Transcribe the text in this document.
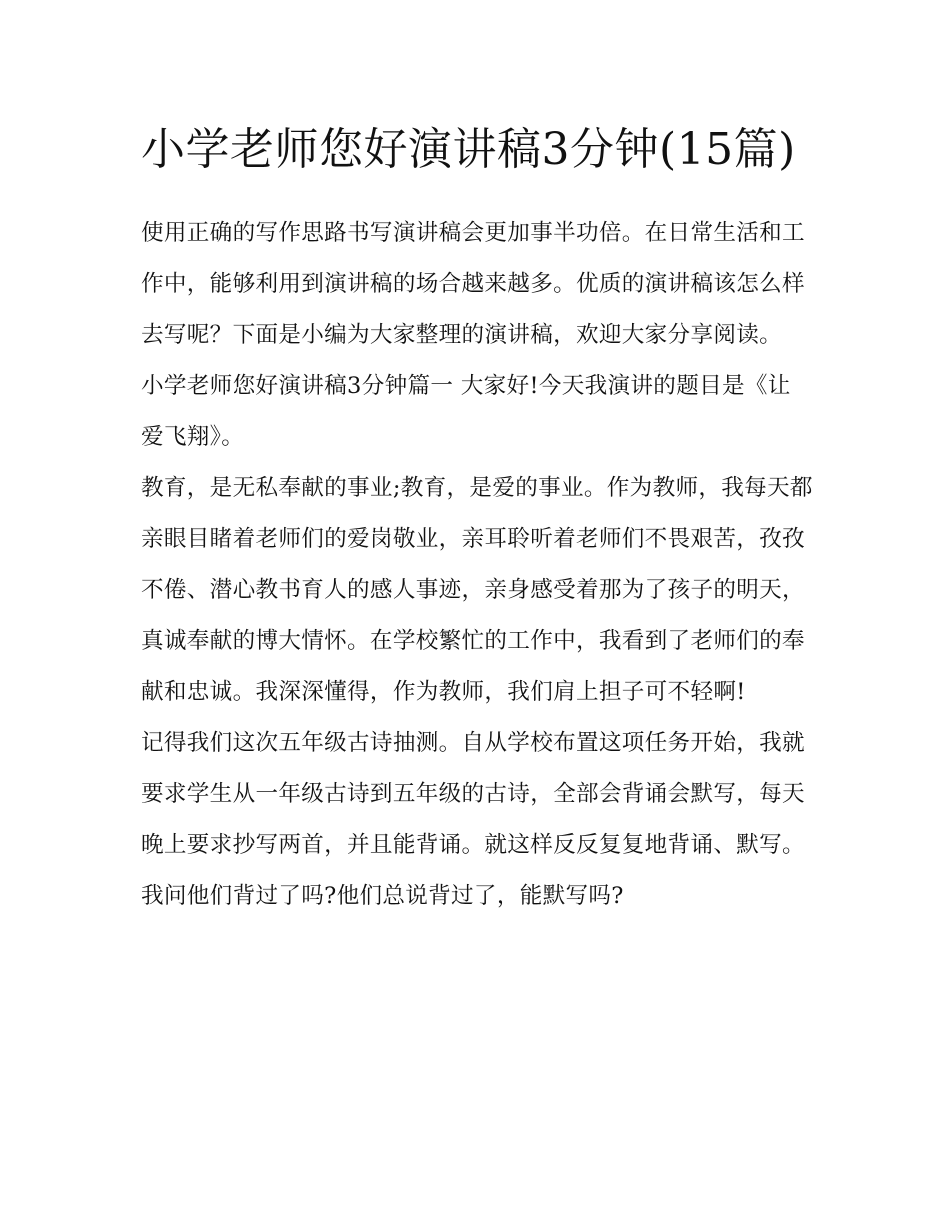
小学老师您好演讲稿3分钟(15篇)

使用正确的写作思路书写演讲稿会更加事半功倍。在日常生活和工作中，能够利用到演讲稿的场合越来越多。优质的演讲稿该怎么样去写呢？下面是小编为大家整理的演讲稿，欢迎大家分享阅读。

小学老师您好演讲稿3分钟篇一 大家好!今天我演讲的题目是《让爱飞翔》。

教育，是无私奉献的事业;教育，是爱的事业。作为教师，我每天都亲眼目睹着老师们的爱岗敬业，亲耳聆听着老师们不畏艰苦，孜孜不倦、潜心教书育人的感人事迹，亲身感受着那为了孩子的明天，真诚奉献的博大情怀。在学校繁忙的工作中，我看到了老师们的奉献和忠诚。我深深懂得，作为教师，我们肩上担子可不轻啊!

记得我们这次五年级古诗抽测。自从学校布置这项任务开始，我就要求学生从一年级古诗到五年级的古诗，全部会背诵会默写，每天晚上要求抄写两首，并且能背诵。就这样反反复复地背诵、默写。我问他们背过了吗?他们总说背过了，能默写吗?
